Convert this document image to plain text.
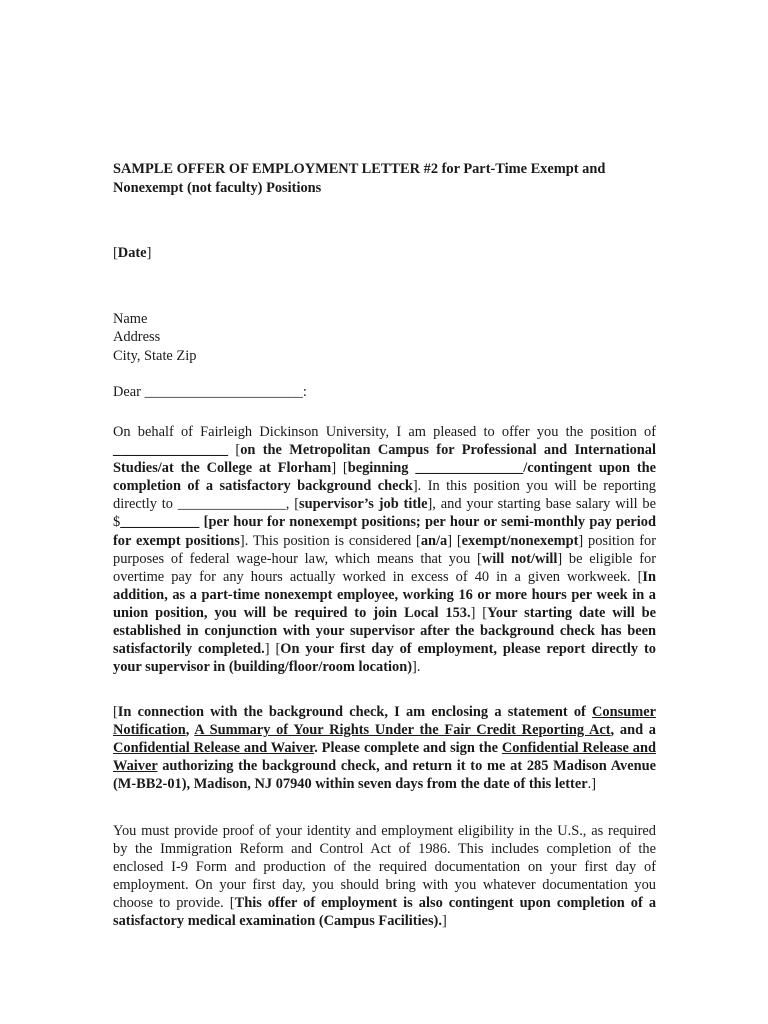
SAMPLE OFFER OF EMPLOYMENT LETTER #2 for Part-Time Exempt and Nonexempt (not faculty) Positions
[Date]
Name
Address
City, State Zip
Dear ______________________:
On behalf of Fairleigh Dickinson University, I am pleased to offer you the position of ________________ [on the Metropolitan Campus for Professional and International Studies/at the College at Florham] [beginning _______________/contingent upon the completion of a satisfactory background check]. In this position you will be reporting directly to _______________, [supervisor’s job title], and your starting base salary will be $___________ [per hour for nonexempt positions; per hour or semi-monthly pay period for exempt positions]. This position is considered [an/a] [exempt/nonexempt] position for purposes of federal wage-hour law, which means that you [will not/will] be eligible for overtime pay for any hours actually worked in excess of 40 in a given workweek. [In addition, as a part-time nonexempt employee, working 16 or more hours per week in a union position, you will be required to join Local 153.] [Your starting date will be established in conjunction with your supervisor after the background check has been satisfactorily completed.] [On your first day of employment, please report directly to your supervisor in (building/floor/room location)].
[In connection with the background check, I am enclosing a statement of Consumer Notification, A Summary of Your Rights Under the Fair Credit Reporting Act, and a Confidential Release and Waiver. Please complete and sign the Confidential Release and Waiver authorizing the background check, and return it to me at 285 Madison Avenue (M-BB2-01), Madison, NJ 07940 within seven days from the date of this letter.]
You must provide proof of your identity and employment eligibility in the U.S., as required by the Immigration Reform and Control Act of 1986. This includes completion of the enclosed I-9 Form and production of the required documentation on your first day of employment. On your first day, you should bring with you whatever documentation you choose to provide. [This offer of employment is also contingent upon completion of a satisfactory medical examination (Campus Facilities).]
